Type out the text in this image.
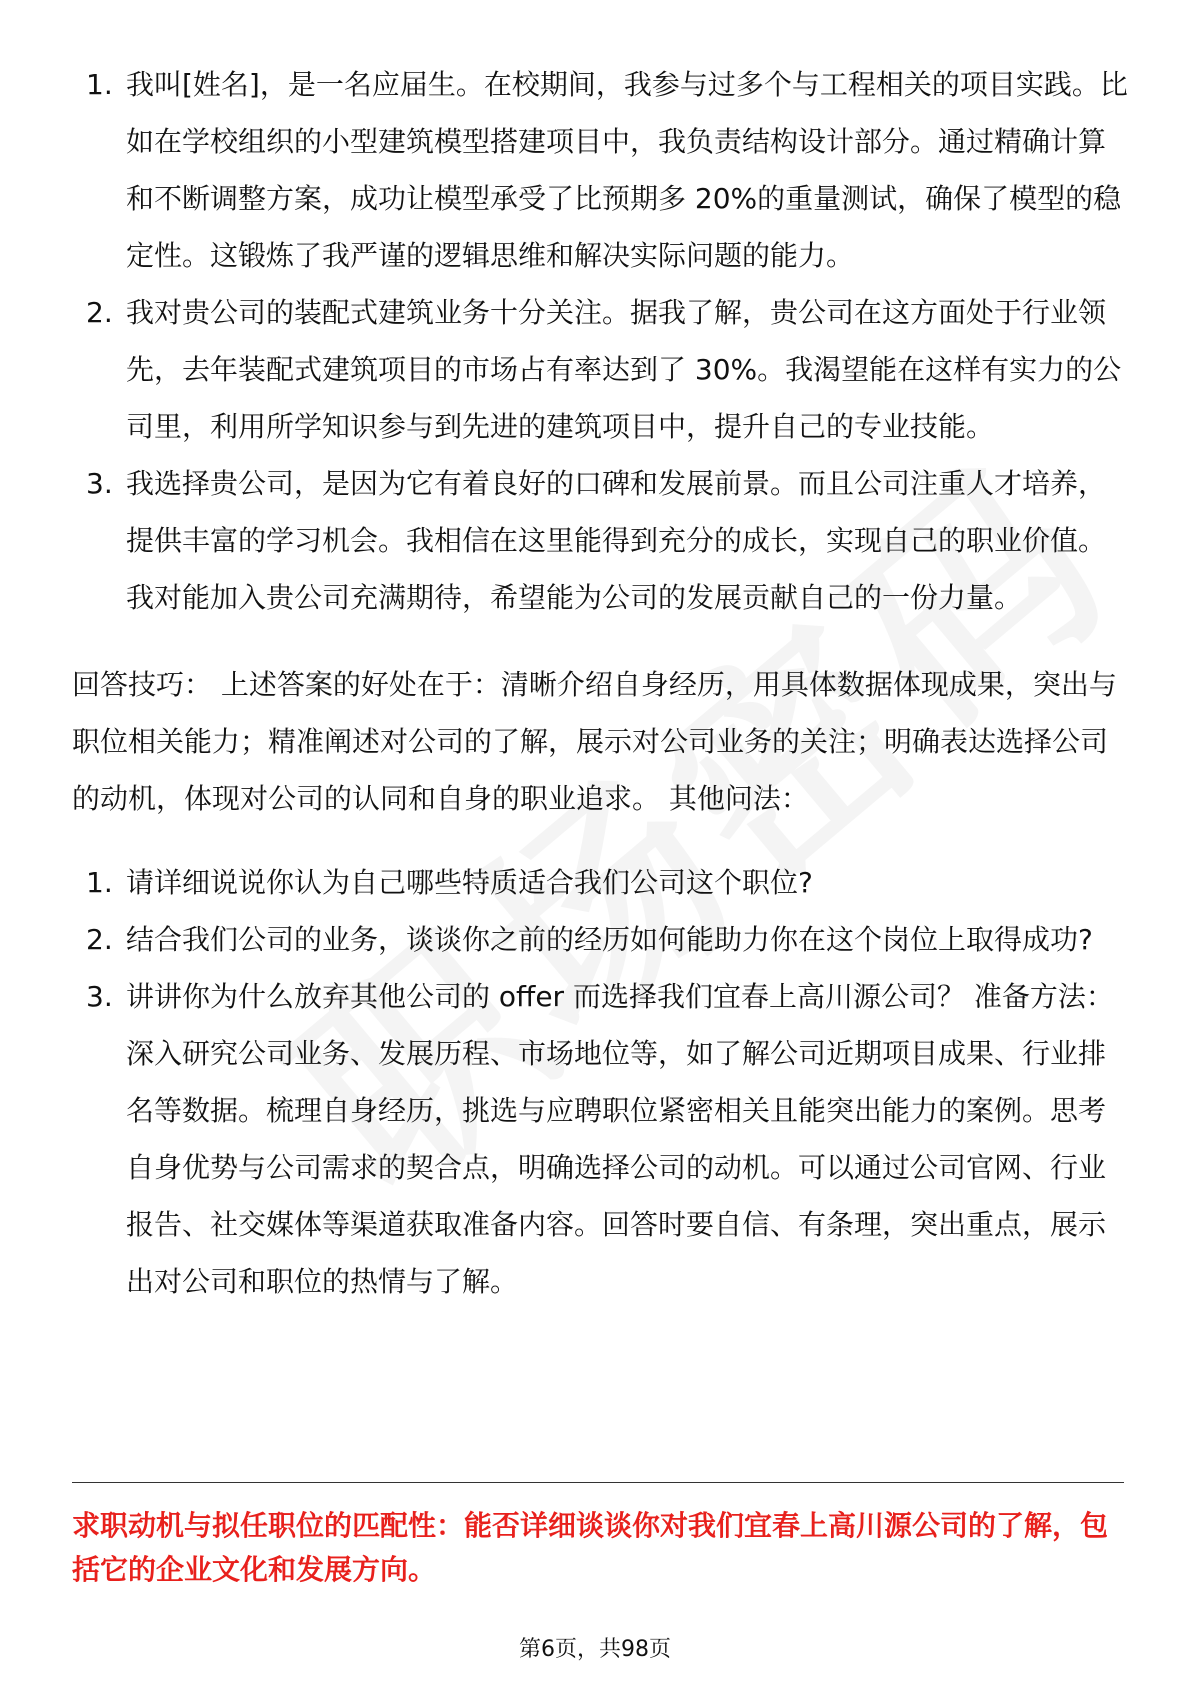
1. 我叫[姓名]，是一名应届生。在校期间，我参与过多个与工程相关的项目实践。比如在学校组织的小型建筑模型搭建项目中，我负责结构设计部分。通过精确计算和不断调整方案，成功让模型承受了比预期多 20%的重量测试，确保了模型的稳定性。这锻炼了我严谨的逻辑思维和解决实际问题的能力。
2. 我对贵公司的装配式建筑业务十分关注。据我了解，贵公司在这方面处于行业领先，去年装配式建筑项目的市场占有率达到了 30%。我渴望能在这样有实力的公司里，利用所学知识参与到先进的建筑项目中，提升自己的专业技能。
3. 我选择贵公司，是因为它有着良好的口碑和发展前景。而且公司注重人才培养，提供丰富的学习机会。我相信在这里能得到充分的成长，实现自己的职业价值。我对能加入贵公司充满期待，希望能为公司的发展贡献自己的一份力量。

回答技巧： 上述答案的好处在于：清晰介绍自身经历，用具体数据体现成果，突出与职位相关能力；精准阐述对公司的了解，展示对公司业务的关注；明确表达选择公司的动机，体现对公司的认同和自身的职业追求。 其他问法：

1. 请详细说说你认为自己哪些特质适合我们公司这个职位?
2. 结合我们公司的业务，谈谈你之前的经历如何能助力你在这个岗位上取得成功?
3. 讲讲你为什么放弃其他公司的 offer 而选择我们宜春上高川源公司？ 准备方法： 深入研究公司业务、发展历程、市场地位等，如了解公司近期项目成果、行业排名等数据。梳理自身经历，挑选与应聘职位紧密相关且能突出能力的案例。思考自身优势与公司需求的契合点，明确选择公司的动机。可以通过公司官网、行业报告、社交媒体等渠道获取准备内容。回答时要自信、有条理，突出重点，展示出对公司和职位的热情与了解。
求职动机与拟任职位的匹配性：能否详细谈谈你对我们宜春上高川源公司的了解，包括它的企业文化和发展方向。
第6页，共98页
